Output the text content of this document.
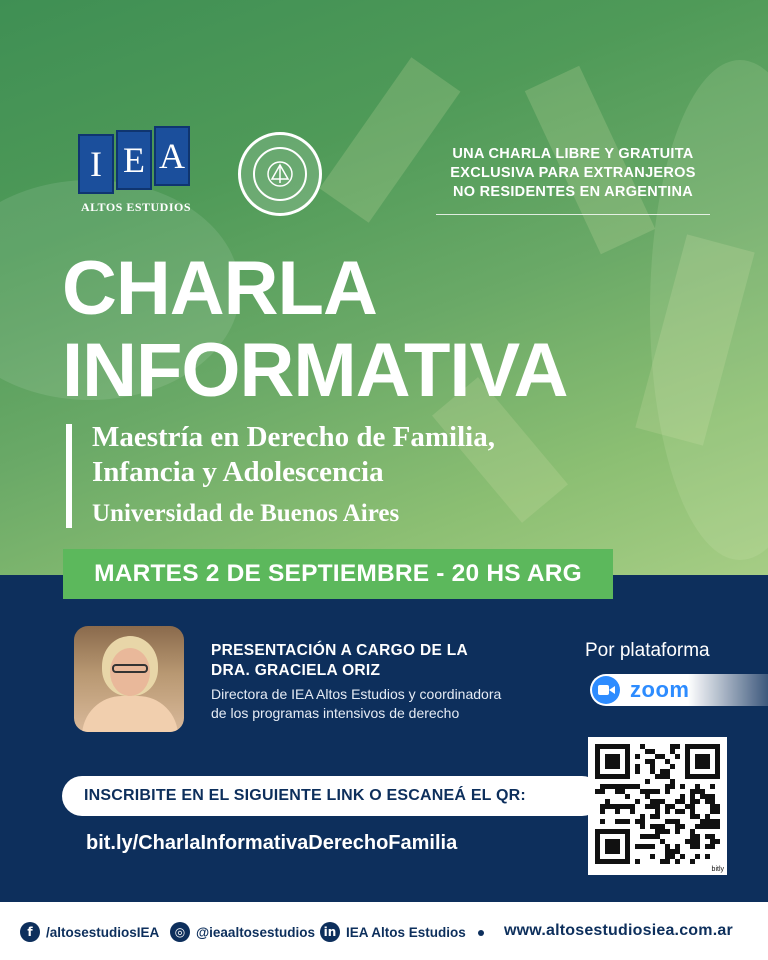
I E A
ALTOS ESTUDIOS
UNA CHARLA LIBRE Y GRATUITA
EXCLUSIVA PARA EXTRANJEROS
NO RESIDENTES EN ARGENTINA
CHARLA
INFORMATIVA
Maestría en Derecho de Familia,
Infancia y Adolescencia
Universidad de Buenos Aires
MARTES 2 DE SEPTIEMBRE - 20 HS ARG
PRESENTACIÓN A CARGO DE LA
DRA. GRACIELA ORIZ
Directora de IEA Altos Estudios y coordinadora
de los programas intensivos de derecho
Por plataforma
zoom
INSCRIBITE EN EL SIGUIENTE LINK O ESCANEÁ EL QR:
bit.ly/CharlaInformativaDerechoFamilia
bitly
f /altosestudiosIEA	◎ @ieaaltosestudios in IEA Altos Estudios www.altosestudiosiea.com.ar
